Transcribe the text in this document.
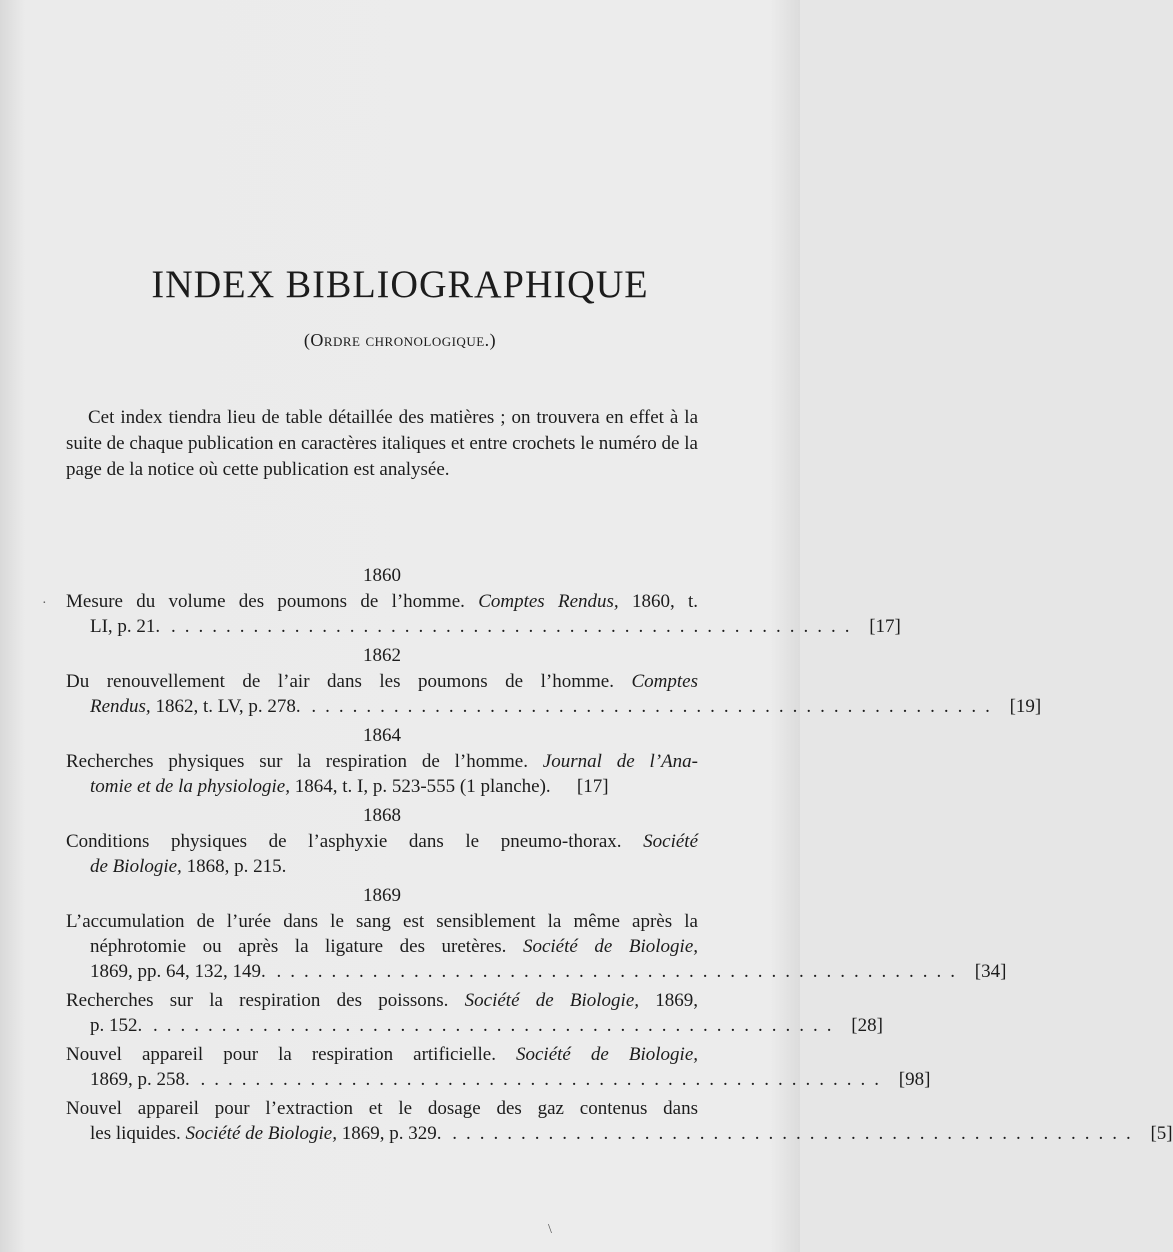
INDEX BIBLIOGRAPHIQUE
(Ordre chronologique.)
Cet index tiendra lieu de table détaillée des matières ; on trouvera en effet à la suite de chaque publication en caractères italiques et entre crochets le numéro de la page de la notice où cette publication est analysée.
1860
Mesure du volume des poumons de l’homme. Comptes Rendus, 1860, t.
LI, p. 21. .................................................. [17]
1862
Du renouvellement de l’air dans les poumons de l’homme. Comptes
Rendus, 1862, t. LV, p. 278. .................................................. [19]
1864
Recherches physiques sur la respiration de l’homme. Journal de l’Ana-
tomie et de la physiologie, 1864, t. I, p. 523-555 (1 planche). [17]
1868
Conditions physiques de l’asphyxie dans le pneumo-thorax. Société
de Biologie, 1868, p. 215.
1869
L’accumulation de l’urée dans le sang est sensiblement la même après la
néphrotomie ou après la ligature des uretères. Société de Biologie,
1869, pp. 64, 132, 149. .................................................. [34]
Recherches sur la respiration des poissons. Société de Biologie, 1869,
p. 152. .................................................. [28]
Nouvel appareil pour la respiration artificielle. Société de Biologie,
1869, p. 258. .................................................. [98]
Nouvel appareil pour l’extraction et le dosage des gaz contenus dans
les liquides. Société de Biologie, 1869, p. 329. .................................................. [5]
·
\
